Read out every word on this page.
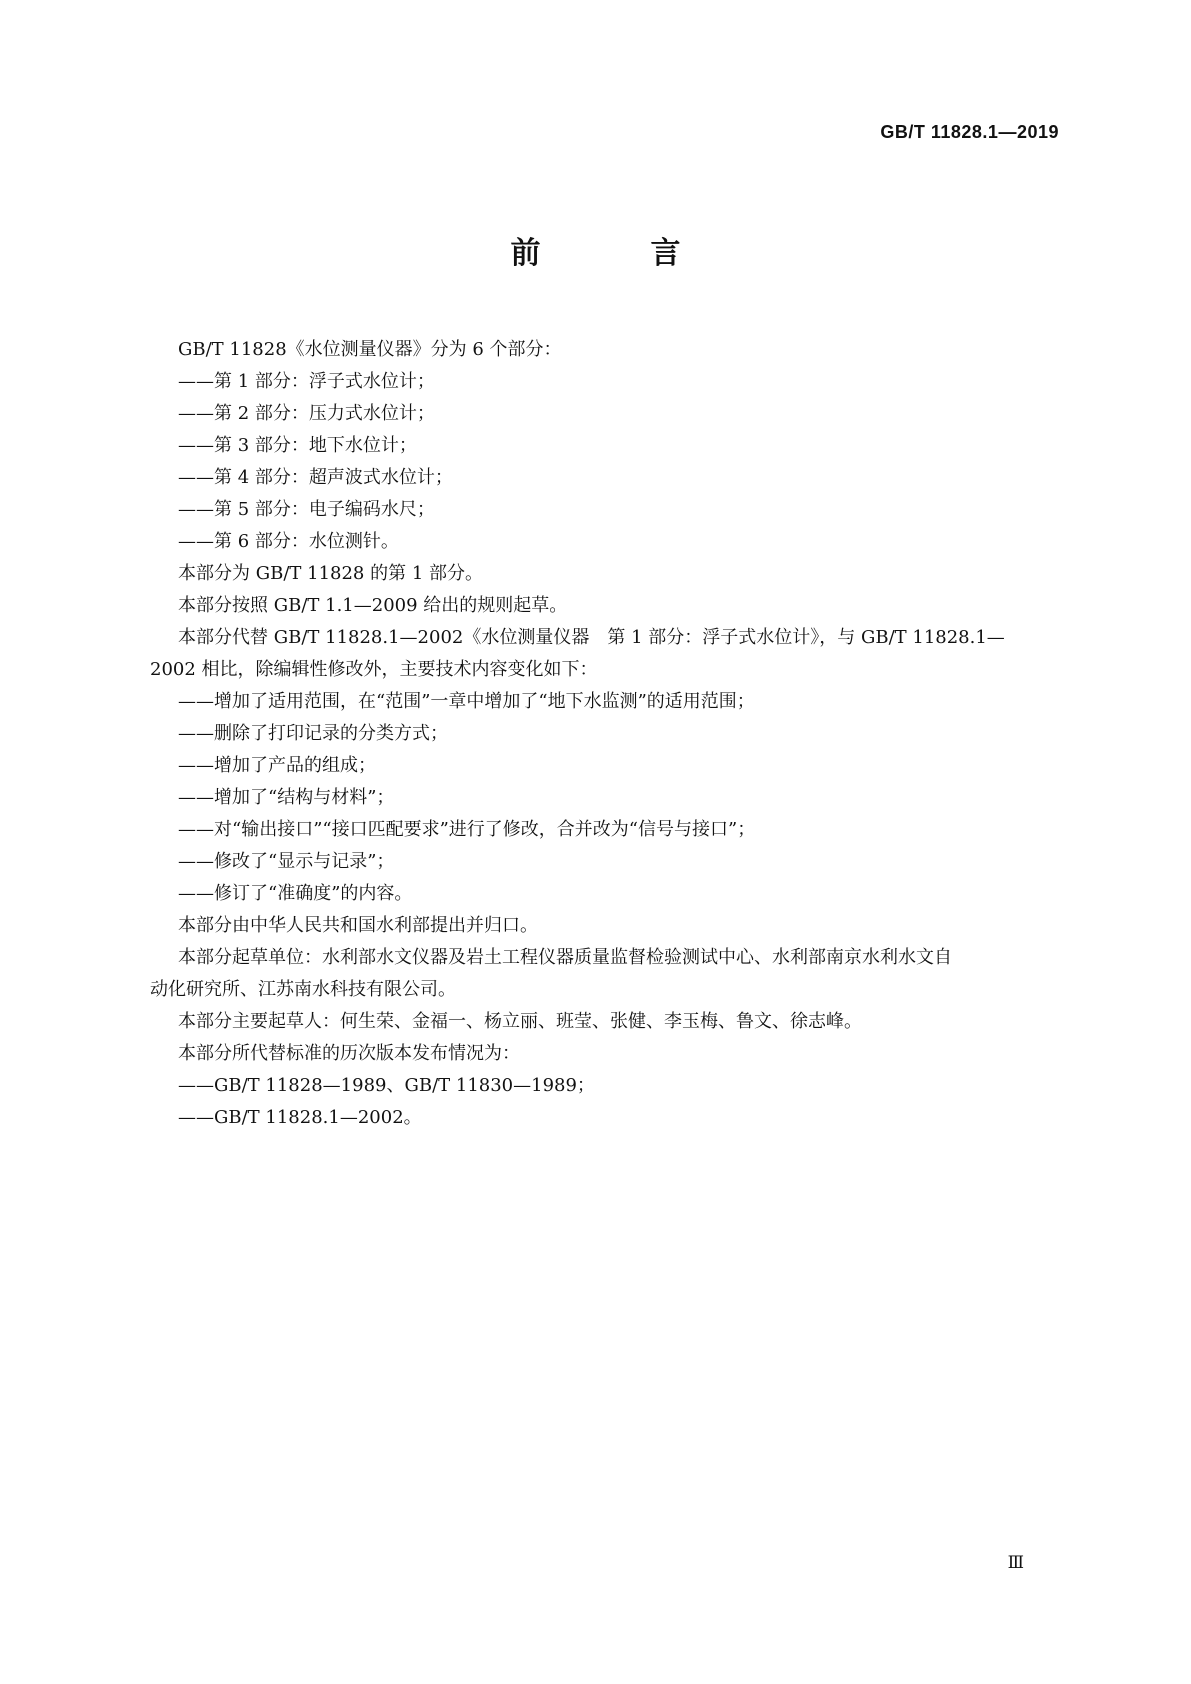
GB/T 11828.1—2019
前　言

GB/T 11828《水位测量仪器》分为 6 个部分：

——第 1 部分：浮子式水位计；

——第 2 部分：压力式水位计；

——第 3 部分：地下水位计；

——第 4 部分：超声波式水位计；

——第 5 部分：电子编码水尺；

——第 6 部分：水位测针。

本部分为 GB/T 11828 的第 1 部分。

本部分按照 GB/T 1.1—2009 给出的规则起草。

本部分代替 GB/T 11828.1—2002《水位测量仪器　第 1 部分：浮子式水位计》，与 GB/T 11828.1—

2002 相比，除编辑性修改外，主要技术内容变化如下：

——增加了适用范围，在“范围”一章中增加了“地下水监测”的适用范围；

——删除了打印记录的分类方式；

——增加了产品的组成；

——增加了“结构与材料”；

——对“输出接口”“接口匹配要求”进行了修改，合并改为“信号与接口”；

——修改了“显示与记录”；

——修订了“准确度”的内容。

本部分由中华人民共和国水利部提出并归口。

本部分起草单位：水利部水文仪器及岩土工程仪器质量监督检验测试中心、水利部南京水利水文自

动化研究所、江苏南水科技有限公司。

本部分主要起草人：何生荣、金福一、杨立丽、班莹、张健、李玉梅、鲁文、徐志峰。

本部分所代替标准的历次版本发布情况为：

——GB/T 11828—1989、GB/T 11830—1989；

——GB/T 11828.1—2002。

Ⅲ
